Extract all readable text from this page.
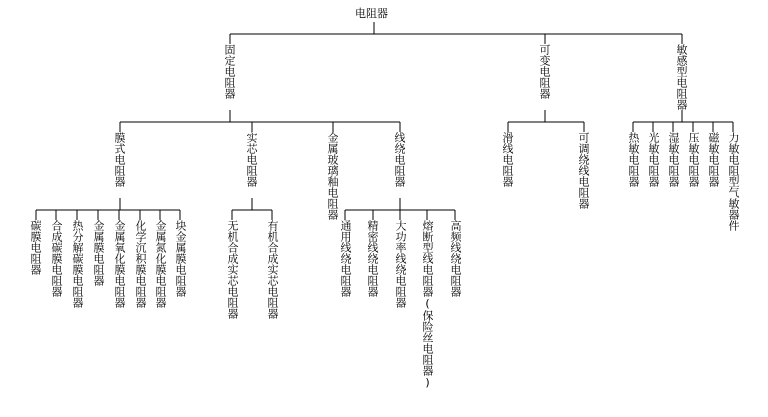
电阻器
固定电阻器	可变电阻器	敏感型电阻器
膜式电阻器	实芯电阻器	金属玻璃釉电阻器	线绕电阻器	滑线电阻器	可调绕线电阻器	热敏电阻器 光敏电阻器 湿敏电阻器 压敏电阻器 磁敏电阻器 力敏电阻型气敏器件
碳膜电阻器 合成碳膜电阻器 热分解碳膜电阻器 金属膜电阻器 金属氧化膜电阻器 化学沉积膜电阻器 金属氮化膜电阻器 块金属膜电阻器	无机合成实芯电阻器 有机合成实芯电阻器	通用线绕电阻器 精密线绕电阻器 大功率线绕电阻器 熔断型线电阻器(保险丝电阻器) 高频线绕电阻器
